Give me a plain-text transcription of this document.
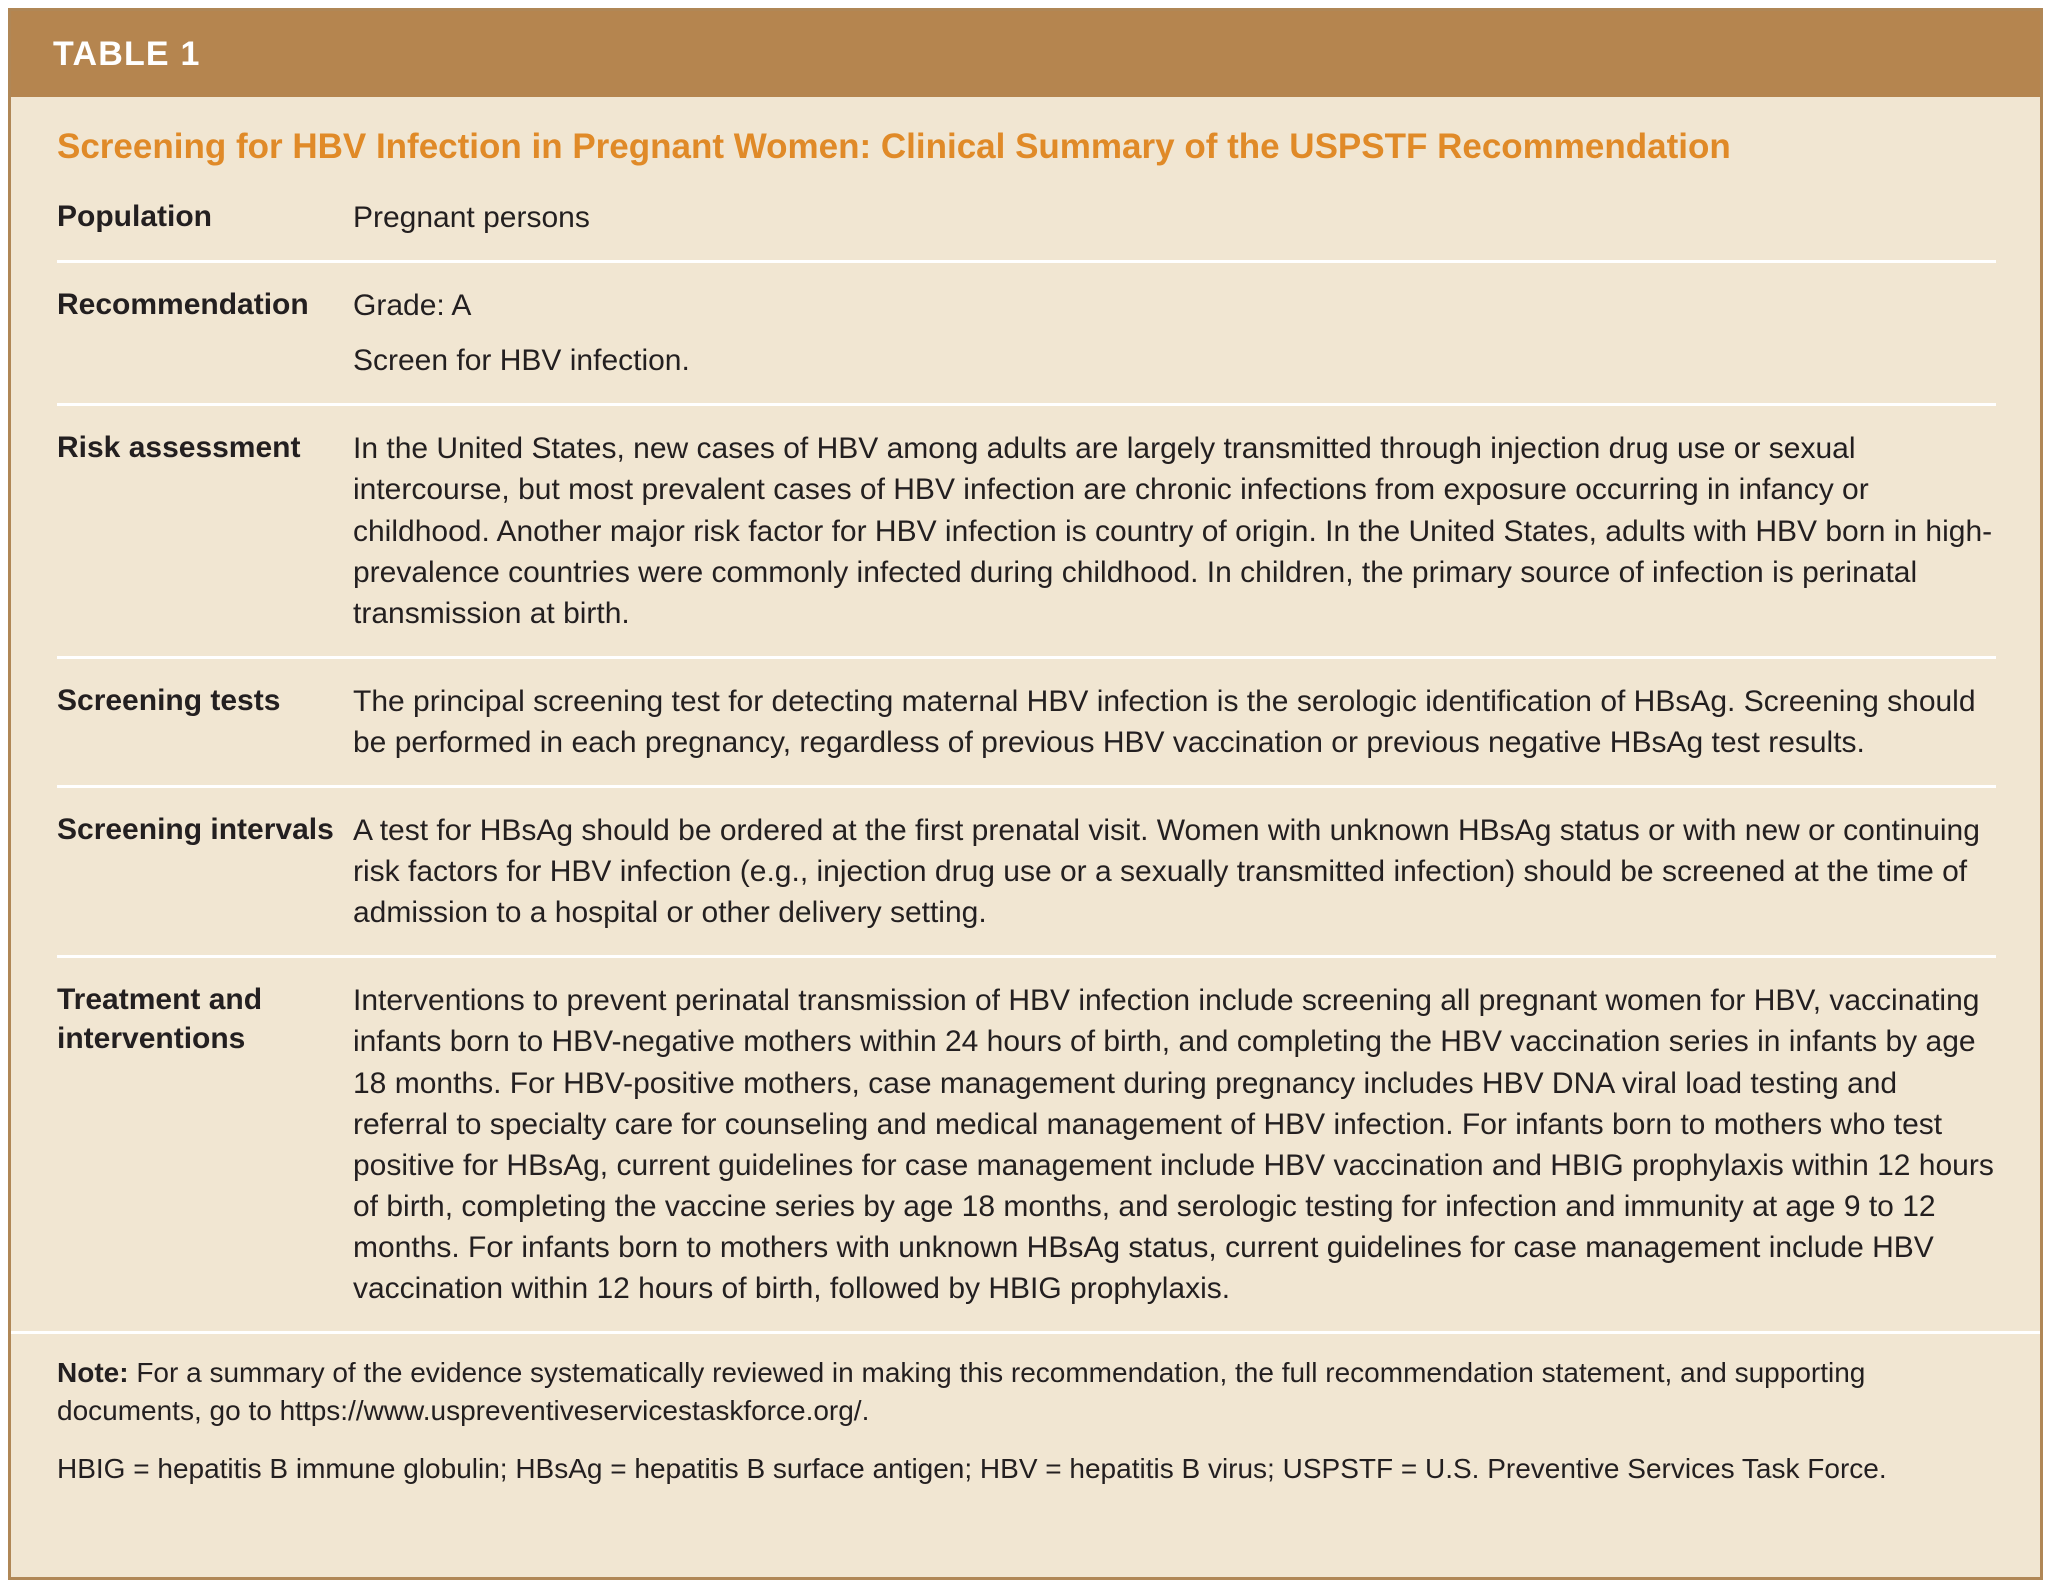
TABLE 1
Screening for HBV Infection in Pregnant Women: Clinical Summary of the USPSTF Recommendation
Population	Pregnant persons

Recommendation	Grade: A

Screen for HBV infection.

Risk assessment	In the United States, new cases of HBV among adults are largely transmitted through injection drug use or sexual intercourse, but most prevalent cases of HBV infection are chronic infections from exposure occurring in infancy or childhood. Another major risk factor for HBV infection is country of origin. In the United States, adults with HBV born in high-prevalence countries were commonly infected during childhood. In children, the primary source of infection is perinatal transmission at birth.

Screening tests	The principal screening test for detecting maternal HBV infection is the serologic identification of HBsAg. Screening should be performed in each pregnancy, regardless of previous HBV vaccination or previous negative HBsAg test results.

Screening intervals A test for HBsAg should be ordered at the first prenatal visit. Women with unknown HBsAg status or with new or continuing risk factors for HBV infection (e.g., injection drug use or a sexually transmitted infection) should be screened at the time of admission to a hospital or other delivery setting.

Treatment and interventions

Interventions to prevent perinatal transmission of HBV infection include screening all pregnant women for HBV, vaccinating infants born to HBV-negative mothers within 24 hours of birth, and completing the HBV vaccination series in infants by age 18 months. For HBV-positive mothers, case management during pregnancy includes HBV DNA viral load testing and referral to specialty care for counseling and medical management of HBV infection. For infants born to mothers who test positive for HBsAg, current guidelines for case management include HBV vaccination and HBIG prophylaxis within 12 hours of birth, completing the vaccine series by age 18 months, and serologic testing for infection and immunity at age 9 to 12 months. For infants born to mothers with unknown HBsAg status, current guidelines for case management include HBV vaccination within 12 hours of birth, followed by HBIG prophylaxis.

Note: For a summary of the evidence systematically reviewed in making this recommendation, the full recommendation statement, and supporting documents, go to https://www.uspreventiveservicestaskforce.org/.

HBIG = hepatitis B immune globulin; HBsAg = hepatitis B surface antigen; HBV = hepatitis B virus; USPSTF = U.S. Preventive Services Task Force.
